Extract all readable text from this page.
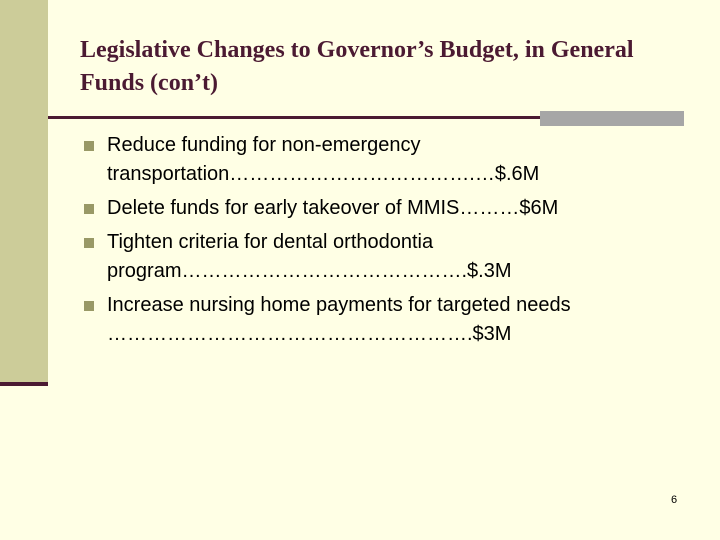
Legislative Changes to Governor’s Budget, in General Funds (con’t)
Reduce funding for non-emergency
transportation……………………………….…$.6M
Delete funds for early takeover of MMIS………$6M
Tighten criteria for dental orthodontia
program…………………………………….$.3M
Increase nursing home payments for targeted needs
……………………………………………….$3M
6
